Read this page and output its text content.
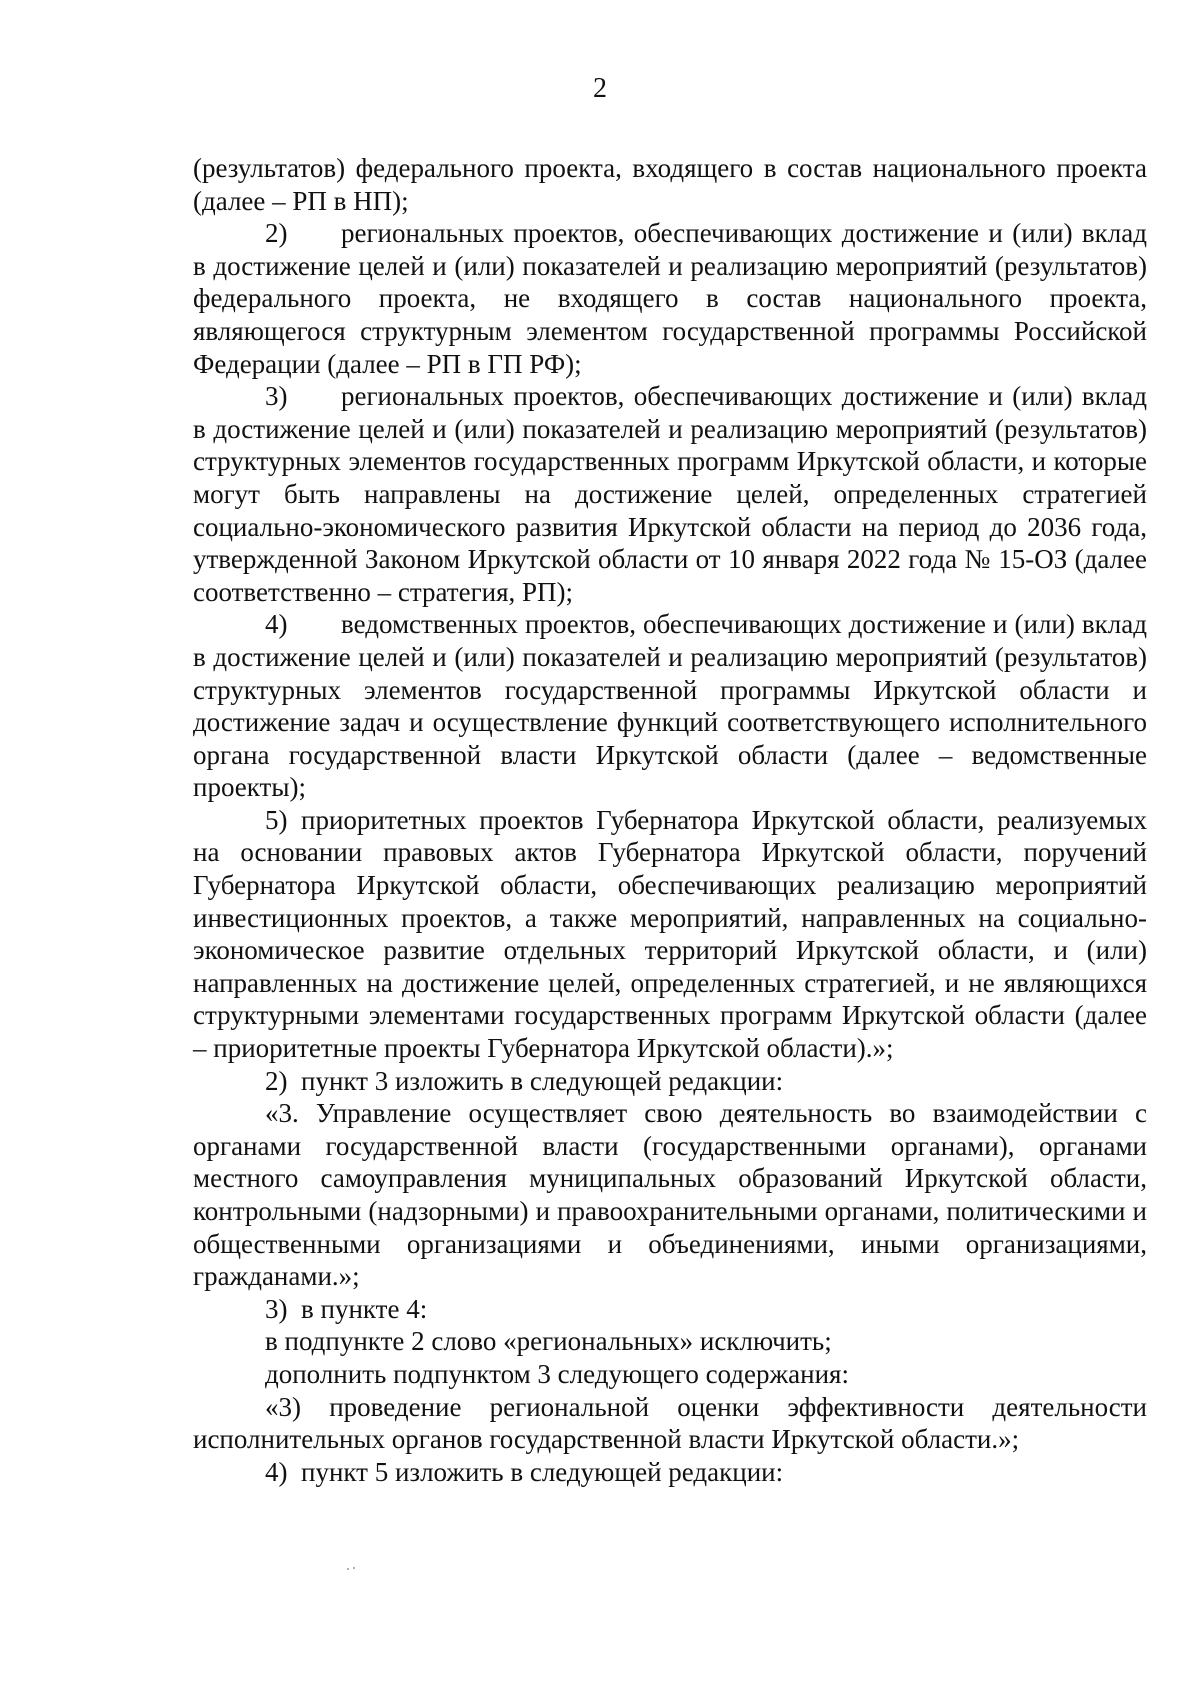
2

(результатов) федерального проекта, входящего в состав национального проекта (далее – РП в НП);

2) региональных проектов, обеспечивающих достижение и (или) вклад в достижение целей и (или) показателей и реализацию мероприятий (результатов) федерального проекта, не входящего в состав национального проекта, являющегося структурным элементом государственной программы Российской Федерации (далее – РП в ГП РФ);

3) региональных проектов, обеспечивающих достижение и (или) вклад в достижение целей и (или) показателей и реализацию мероприятий (результатов) структурных элементов государственных программ Иркутской области, и которые могут быть направлены на достижение целей, определенных стратегией социально-экономического развития Иркутской области на период до 2036 года, утвержденной Законом Иркутской области от 10 января 2022 года № 15-ОЗ (далее соответственно – стратегия, РП);

4) ведомственных проектов, обеспечивающих достижение и (или) вклад в достижение целей и (или) показателей и реализацию мероприятий (результатов) структурных элементов государственной программы Иркутской области и достижение задач и осуществление функций соответствующего исполнительного органа государственной власти Иркутской области (далее – ведомственные проекты);

5) приоритетных проектов Губернатора Иркутской области, реализуемых на основании правовых актов Губернатора Иркутской области, поручений Губернатора Иркутской области, обеспечивающих реализацию мероприятий инвестиционных проектов, а также мероприятий, направленных на социально-экономическое развитие отдельных территорий Иркутской области, и (или) направленных на достижение целей, определенных стратегией, и не являющихся структурными элементами государственных программ Иркутской области (далее – приоритетные проекты Губернатора Иркутской области).»;

2) пункт 3 изложить в следующей редакции:

«3. Управление осуществляет свою деятельность во взаимодействии с органами государственной власти (государственными органами), органами местного самоуправления муниципальных образований Иркутской области, контрольными (надзорными) и правоохранительными органами, политическими и общественными организациями и объединениями, иными организациями, гражданами.»;

3) в пункте 4:

в подпункте 2 слово «региональных» исключить;

дополнить подпунктом 3 следующего содержания:

«3) проведение региональной оценки эффективности деятельности исполнительных органов государственной власти Иркутской области.»;

4) пункт 5 изложить в следующей редакции:
